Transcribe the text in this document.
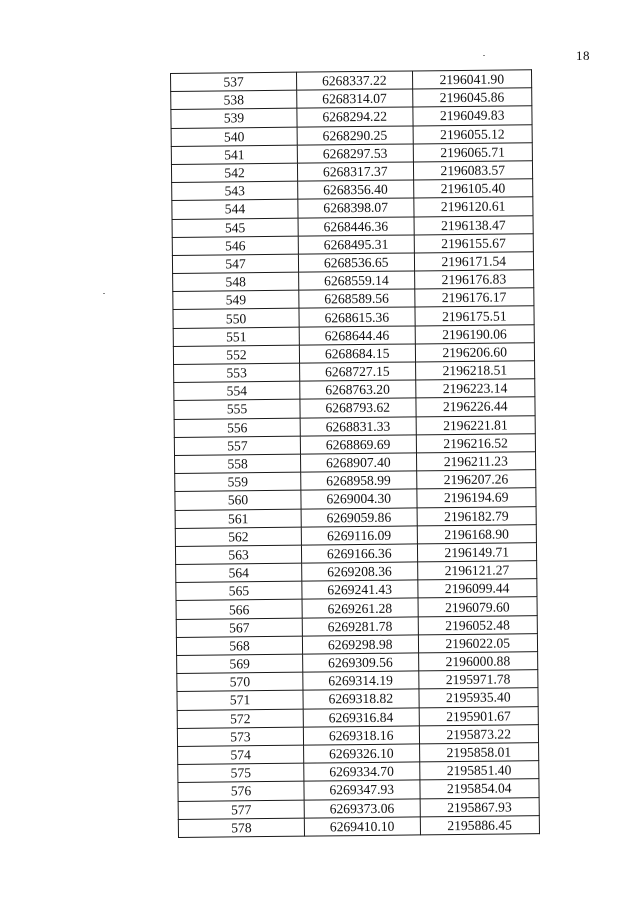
18
537	6268337.22	2196041.90
538	6268314.07	2196045.86
539	6268294.22	2196049.83
540	6268290.25	2196055.12
541	6268297.53	2196065.71
542	6268317.37	2196083.57
543	6268356.40	2196105.40
544	6268398.07	2196120.61
545	6268446.36	2196138.47
546	6268495.31	2196155.67
547	6268536.65	2196171.54
548	6268559.14	2196176.83
549	6268589.56	2196176.17
550	6268615.36	2196175.51
551	6268644.46	2196190.06
552	6268684.15	2196206.60
553	6268727.15	2196218.51
554	6268763.20	2196223.14
555	6268793.62	2196226.44
556	6268831.33	2196221.81
557	6268869.69	2196216.52
558	6268907.40	2196211.23
559	6268958.99	2196207.26
560	6269004.30	2196194.69
561	6269059.86	2196182.79
562	6269116.09	2196168.90
563	6269166.36	2196149.71
564	6269208.36	2196121.27
565	6269241.43	2196099.44
566	6269261.28	2196079.60
567	6269281.78	2196052.48
568	6269298.98	2196022.05
569	6269309.56	2196000.88
570	6269314.19	2195971.78
571	6269318.82	2195935.40
572	6269316.84	2195901.67
573	6269318.16	2195873.22
574	6269326.10	2195858.01
575	6269334.70	2195851.40
576	6269347.93	2195854.04
577	6269373.06	2195867.93
578	6269410.10	2195886.45
